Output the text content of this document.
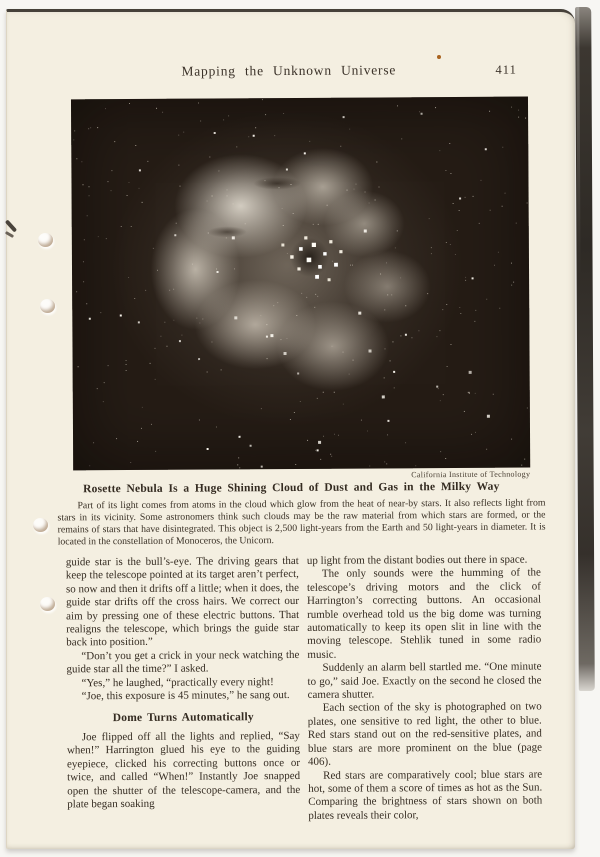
Mapping the Unknown Universe	411
California Institute of Technology
Rosette Nebula Is a Huge Shining Cloud of Dust and Gas in the Milky Way
Part of its light comes from atoms in the cloud which glow from the heat of near-by stars. It also reflects light from stars in its vicinity. Some astronomers think such clouds may be the raw material from which stars are formed, or the remains of stars that have disintegrated. This object is 2,500 light-years from the Earth and 50 light-years in diameter. It is located in the constellation of Monoceros, the Unicorn.

guide star is the bull’s-eye. The driving gears that keep the telescope pointed at its target aren’t perfect, so now and then it drifts off a little; when it does, the guide star drifts off the cross hairs. We correct our aim by pressing one of these electric buttons. That realigns the telescope, which brings the guide star back into position.”

“Don’t you get a crick in your neck watching the guide star all the time?” I asked.

“Yes,” he laughed, “practically every night!

“Joe, this exposure is 45 minutes,” he sang out.

Dome Turns Automatically

Joe flipped off all the lights and replied, “Say when!” Harrington glued his eye to the guiding eyepiece, clicked his correcting buttons once or twice, and called “When!” Instantly Joe snapped open the shutter of the telescope-camera, and the plate began soaking

up light from the distant bodies out there in space.

The only sounds were the humming of the telescope’s driving motors and the click of Harrington’s correcting buttons. An occasional rumble overhead told us the big dome was turning automatically to keep its open slit in line with the moving telescope. Stehlik tuned in some radio music.

Suddenly an alarm bell startled me. “One minute to go,” said Joe. Exactly on the second he closed the camera shutter.

Each section of the sky is photographed on two plates, one sensitive to red light, the other to blue. Red stars stand out on the red-sensitive plates, and blue stars are more prominent on the blue (page 406).

Red stars are comparatively cool; blue stars are hot, some of them a score of times as hot as the Sun. Comparing the brightness of stars shown on both plates reveals their color,
